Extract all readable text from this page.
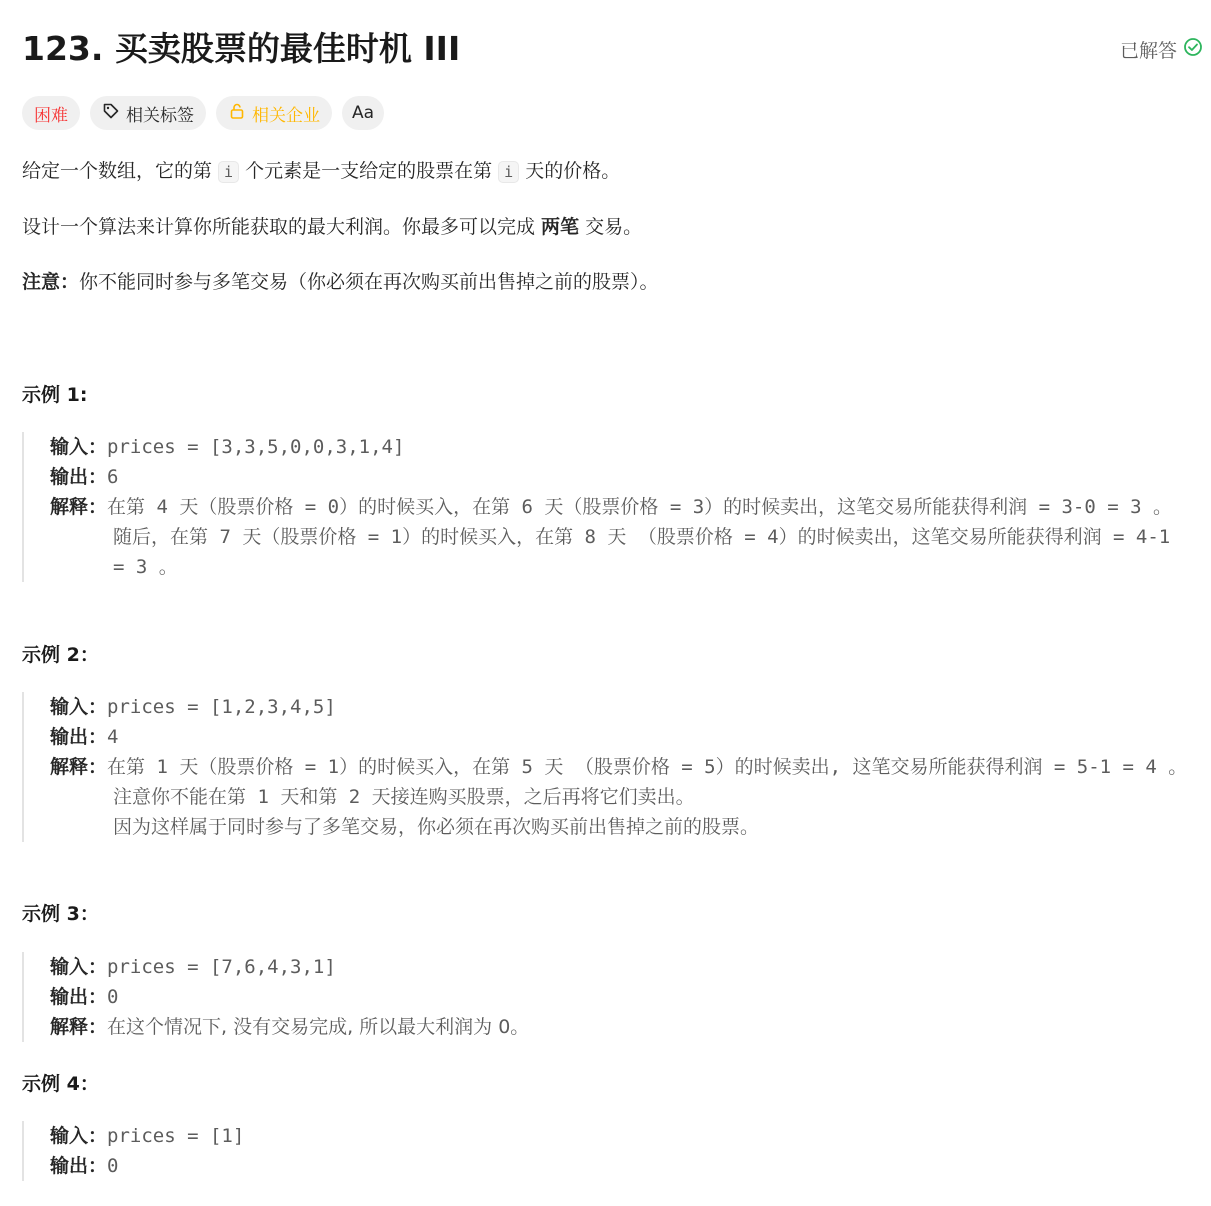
123. 买卖股票的最佳时机 III	已解答
困难	相关标签	相关企业 Aa
给定一个数组，它的第 i 个元素是一支给定的股票在第 i 天的价格。
设计一个算法来计算你所能获取的最大利润。你最多可以完成 两笔 交易。
注意：你不能同时参与多笔交易（你必须在再次购买前出售掉之前的股票）。
示例 1:
输入：prices = [3,3,5,0,0,3,1,4]
输出：6
解释：在第 4 天（股票价格 = 0）的时候买入，在第 6 天（股票价格 = 3）的时候卖出，这笔交易所能获得利润 = 3-0 = 3 。
随后，在第 7 天（股票价格 = 1）的时候买入，在第 8 天 （股票价格 = 4）的时候卖出，这笔交易所能获得利润 = 4-1 = 3 。
示例 2：
输入：prices = [1,2,3,4,5]
输出：4
解释：在第 1 天（股票价格 = 1）的时候买入，在第 5 天 （股票价格 = 5）的时候卖出, 这笔交易所能获得利润 = 5-1 = 4 。
注意你不能在第 1 天和第 2 天接连购买股票，之后再将它们卖出。
因为这样属于同时参与了多笔交易，你必须在再次购买前出售掉之前的股票。
示例 3：
输入：prices = [7,6,4,3,1]
输出：0
解释：在这个情况下, 没有交易完成, 所以最大利润为 0。
示例 4：
输入：prices = [1]
输出：0
